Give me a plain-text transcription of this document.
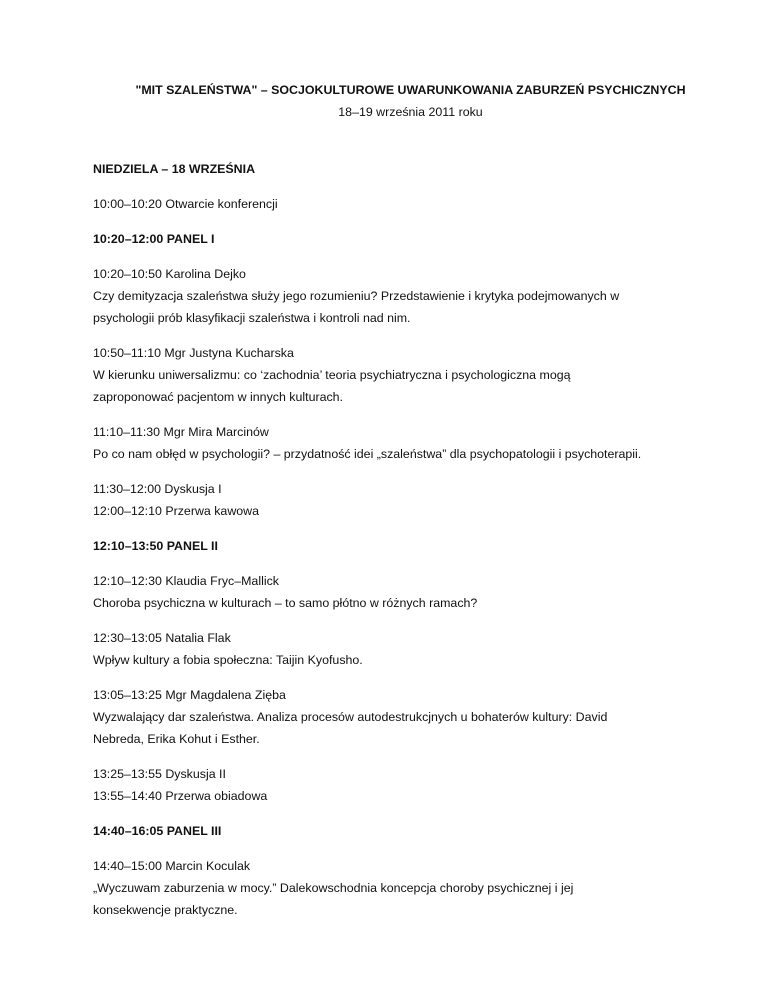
"MIT SZALEŃSTWA" – SOCJOKULTUROWE UWARUNKOWANIA ZABURZEŃ PSYCHICZNYCH
18–19 września 2011 roku
NIEDZIELA – 18 WRZEŚNIA
10:00–10:20 Otwarcie konferencji
10:20–12:00 PANEL I
10:20–10:50 Karolina Dejko
Czy demityzacja szaleństwa służy jego rozumieniu? Przedstawienie i krytyka podejmowanych w
psychologii prób klasyfikacji szaleństwa i kontroli nad nim.
10:50–11:10 Mgr Justyna Kucharska
W kierunku uniwersalizmu: co ‘zachodnia’ teoria psychiatryczna i psychologiczna mogą
zaproponować pacjentom w innych kulturach.
11:10–11:30 Mgr Mira Marcinów
Po co nam obłęd w psychologii? – przydatność idei „szaleństwa” dla psychopatologii i psychoterapii.
11:30–12:00 Dyskusja I
12:00–12:10 Przerwa kawowa
12:10–13:50 PANEL II
12:10–12:30 Klaudia Fryc–Mallick
Choroba psychiczna w kulturach – to samo płótno w różnych ramach?
12:30–13:05 Natalia Flak
Wpływ kultury a fobia społeczna: Taijin Kyofusho.
13:05–13:25 Mgr Magdalena Zięba
Wyzwalający dar szaleństwa. Analiza procesów autodestrukcjnych u bohaterów kultury: David
Nebreda, Erika Kohut i Esther.
13:25–13:55 Dyskusja II
13:55–14:40 Przerwa obiadowa
14:40–16:05 PANEL III
14:40–15:00 Marcin Koculak
„Wyczuwam zaburzenia w mocy.” Dalekowschodnia koncepcja choroby psychicznej i jej
konsekwencje praktyczne.
